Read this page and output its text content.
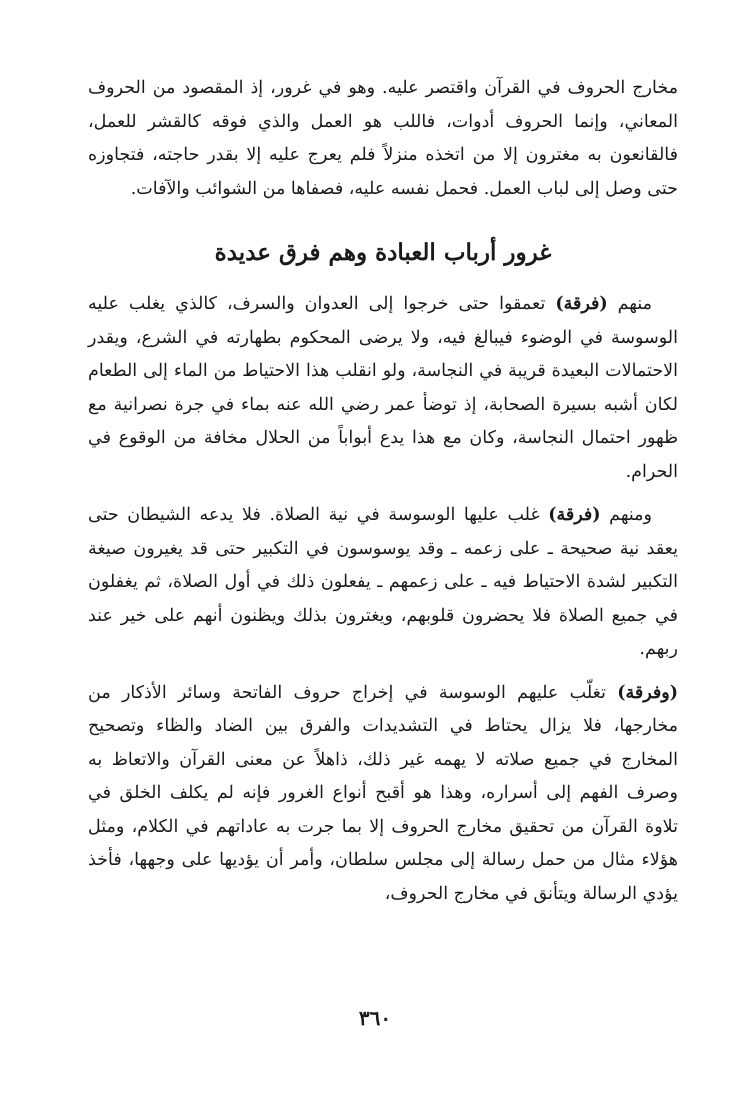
مخارج الحروف في القرآن واقتصر عليه. وهو في غرور، إذ المقصود من الحروف المعاني، وإنما الحروف أدوات، فاللب هو العمل والذي فوقه كالقشر للعمل، فالقانعون به مغترون إلا من اتخذه منزلاً فلم يعرج عليه إلا بقدر حاجته، فتجاوزه حتى وصل إلى لباب العمل. فحمل نفسه عليه، فصفاها من الشوائب والآفات.

غرور أرباب العبادة وهم فرق عديدة

منهم (فرقة) تعمقوا حتى خرجوا إلى العدوان والسرف، كالذي يغلب عليه الوسوسة في الوضوء فيبالغ فيه، ولا يرضى المحكوم بطهارته في الشرع، ويقدر الاحتمالات البعيدة قريبة في النجاسة، ولو انقلب هذا الاحتياط من الماء إلى الطعام لكان أشبه بسيرة الصحابة، إذ توضأ عمر رضي الله عنه بماء في جرة نصرانية مع ظهور احتمال النجاسة، وكان مع هذا يدع أبواباً من الحلال مخافة من الوقوع في الحرام.

ومنهم (فرقة) غلب عليها الوسوسة في نية الصلاة. فلا يدعه الشيطان حتى يعقد نية صحيحة ـ على زعمه ـ وقد يوسوسون في التكبير حتى قد يغيرون صيغة التكبير لشدة الاحتياط فيه ـ على زعمهم ـ يفعلون ذلك في أول الصلاة، ثم يغفلون في جميع الصلاة فلا يحضرون قلوبهم، ويغترون بذلك ويظنون أنهم على خير عند ربهم.

(وفرقة) تغلّب عليهم الوسوسة في إخراج حروف الفاتحة وسائر الأذكار من مخارجها، فلا يزال يحتاط في التشديدات والفرق بين الضاد والظاء وتصحيح المخارج في جميع صلاته لا يهمه غير ذلك، ذاهلاً عن معنى القرآن والاتعاظ به وصرف الفهم إلى أسراره، وهذا هو أقبح أنواع الغرور فإنه لم يكلف الخلق في تلاوة القرآن من تحقيق مخارج الحروف إلا بما جرت به عاداتهم في الكلام، ومثل هؤلاء مثال من حمل رسالة إلى مجلس سلطان، وأمر أن يؤديها على وجهها، فأخذ يؤدي الرسالة ويتأنق في مخارج الحروف،

٣٦٠
